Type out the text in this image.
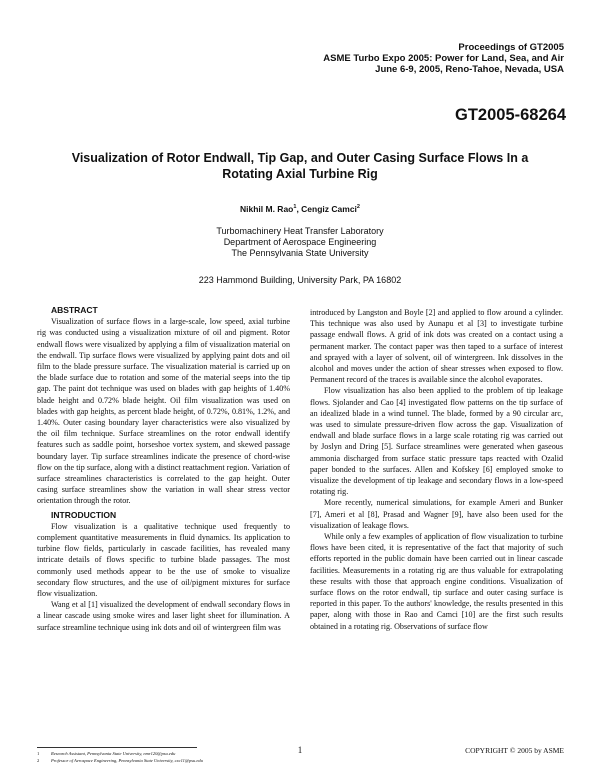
Proceedings of GT2005
ASME Turbo Expo 2005: Power for Land, Sea, and Air
June 6-9, 2005, Reno-Tahoe, Nevada, USA
GT2005-68264
Visualization of Rotor Endwall, Tip Gap, and Outer Casing Surface Flows In a
Rotating Axial Turbine Rig
Nikhil M. Rao$^1$, Cengiz Camci$^2$
Turbomachinery Heat Transfer Laboratory
Department of Aerospace Engineering
The Pennsylvania State University
223 Hammond Building, University Park, PA 16802

ABSTRACT

Visualization of surface flows in a large-scale, low speed, axial turbine rig was conducted using a visualization mixture of oil and pigment. Rotor endwall flows were visualized by applying a film of visualization material on the endwall. Tip surface flows were visualized by applying paint dots and oil film to the blade pressure surface. The visualization material is carried up on the blade surface due to rotation and some of the material seeps into the tip gap. The paint dot technique was used on blades with gap heights of 1.40% blade height and 0.72% blade height. Oil film visualization was used on blades with gap heights, as percent blade height, of 0.72%, 0.81%, 1.2%, and 1.40%. Outer casing boundary layer characteristics were also visualized by the oil film technique. Surface streamlines on the rotor endwall identify features such as saddle point, horseshoe vortex system, and skewed passage boundary layer. Tip surface streamlines indicate the presence of chord-wise flow on the tip surface, along with a distinct reattachment region. Variation of surface streamlines characteristics is correlated to the gap height. Outer casing surface streamlines show the variation in wall shear stress vector orientation through the rotor.

INTRODUCTION

Flow visualization is a qualitative technique used frequently to complement quantitative measurements in fluid dynamics. Its application to turbine flow fields, particularly in cascade facilities, has revealed many intricate details of flows specific to turbine blade passages. The most commonly used methods appear to be the use of smoke to visualize secondary flow structures, and the use of oil/pigment mixtures for surface flow visualization.

Wang et al [1] visualized the development of endwall secondary flows in a linear cascade using smoke wires and laser light sheet for illumination. A surface streamline technique using ink dots and oil of wintergreen film was

introduced by Langston and Boyle [2] and applied to flow around a cylinder. This technique was also used by Aunapu et al [3] to investigate turbine passage endwall flows. A grid of ink dots was created on a contact using a permanent marker. The contact paper was then taped to a surface of interest and sprayed with a layer of solvent, oil of wintergreen. Ink dissolves in the alcohol and moves under the action of shear stresses when exposed to flow. Permanent record of the traces is available since the alcohol evaporates.

Flow visualization has also been applied to the problem of tip leakage flows. Sjolander and Cao [4] investigated flow patterns on the tip surface of an idealized blade in a wind tunnel. The blade, formed by a 90 circular arc, was used to simulate pressure-driven flow across the gap. Visualization of endwall and blade surface flows in a large scale rotating rig was carried out by Joslyn and Dring [5]. Surface streamlines were generated when gaseous ammonia discharged from surface static pressure taps reacted with Ozalid paper bonded to the surfaces. Allen and Kofskey [6] employed smoke to visualize the development of tip leakage and secondary flows in a low-speed rotating rig.

More recently, numerical simulations, for example Ameri and Bunker [7], Ameri et al [8], Prasad and Wagner [9], have also been used for the visualization of leakage flows.

While only a few examples of application of flow visualization to turbine flows have been cited, it is representative of the fact that majority of such efforts reported in the public domain have been carried out in linear cascade facilities. Measurements in a rotating rig are thus valuable for extrapolating these results with those that approach engine conditions. Visualization of surface flows on the rotor endwall, tip surface and outer casing surface is reported in this paper. To the authors' knowledge, the results presented in this paper, along with those in Rao and Camci [10] are the first such results obtained in a rotating rig. Observations of surface flow

1	Research Assistant, Pennsylvania State University, nmr120@psu.edu
2	Professor of Aerospace Engineering, Pennsylvania State University, cxc11@psu.edu
1	COPYRIGHT © 2005 by ASME
